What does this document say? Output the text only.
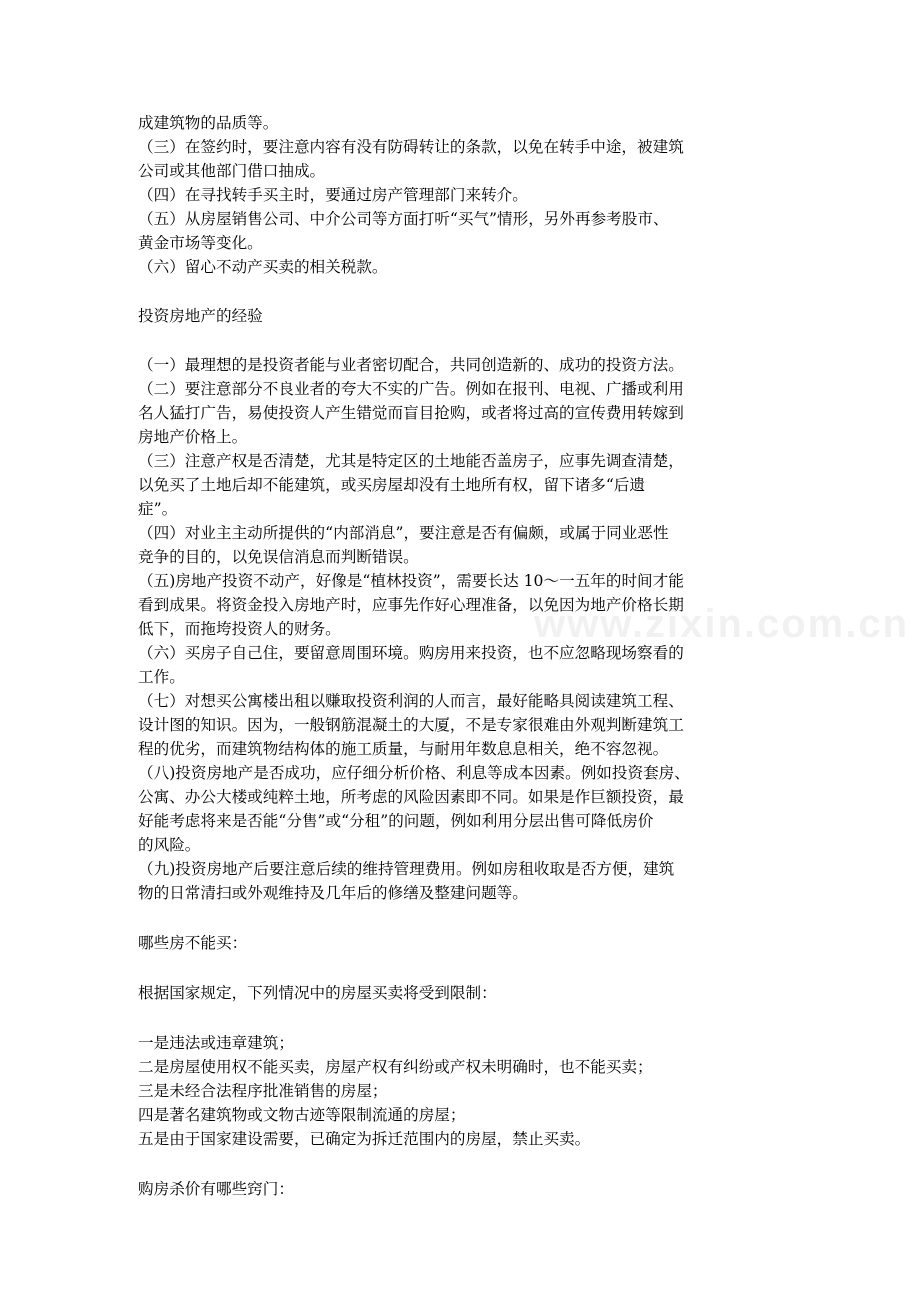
成建筑物的品质等。
（三）在签约时，要注意内容有没有防碍转让的条款，以免在转手中途，被建筑
公司或其他部门借口抽成。
（四）在寻找转手买主时，要通过房产管理部门来转介。
（五）从房屋销售公司、中介公司等方面打听“买气”情形，另外再参考股市、
黄金市场等变化。
（六）留心不动产买卖的相关税款。
投资房地产的经验
（一）最理想的是投资者能与业者密切配合，共同创造新的、成功的投资方法。
（二）要注意部分不良业者的夸大不实的广告。例如在报刊、电视、广播或利用
名人猛打广告，易使投资人产生错觉而盲目抢购，或者将过高的宣传费用转嫁到
房地产价格上。
（三）注意产权是否清楚，尤其是特定区的土地能否盖房子，应事先调查清楚，
以免买了土地后却不能建筑，或买房屋却没有土地所有权，留下诸多“后遗
症”。
（四）对业主主动所提供的“内部消息”，要注意是否有偏颇，或属于同业恶性
竞争的目的，以免误信消息而判断错误。
（五)房地产投资不动产，好像是“植林投资”，需要长达 10～一五年的时间才能
看到成果。将资金投入房地产时，应事先作好心理准备，以免因为地产价格长期
低下，而拖垮投资人的财务。
（六）买房子自己住，要留意周围环境。购房用来投资，也不应忽略现场察看的
工作。
（七）对想买公寓楼出租以赚取投资利润的人而言，最好能略具阅读建筑工程、
设计图的知识。因为，一般钢筋混凝土的大厦，不是专家很难由外观判断建筑工
程的优劣，而建筑物结构体的施工质量，与耐用年数息息相关，绝不容忽视。
（八)投资房地产是否成功，应仔细分析价格、利息等成本因素。例如投资套房、
公寓、办公大楼或纯粹土地，所考虑的风险因素即不同。如果是作巨额投资，最
好能考虑将来是否能“分售”或“分租”的问题，例如利用分层出售可降低房价
的风险。
（九)投资房地产后要注意后续的维持管理费用。例如房租收取是否方便，建筑
物的日常清扫或外观维持及几年后的修缮及整建问题等。
哪些房不能买：
根据国家规定，下列情况中的房屋买卖将受到限制：
一是违法或违章建筑；
二是房屋使用权不能买卖，房屋产权有纠纷或产权未明确时，也不能买卖；
三是未经合法程序批准销售的房屋；
四是著名建筑物或文物古迹等限制流通的房屋；
五是由于国家建设需要，已确定为拆迁范围内的房屋，禁止买卖。
购房杀价有哪些窍门：
www.zixin.com.cn
